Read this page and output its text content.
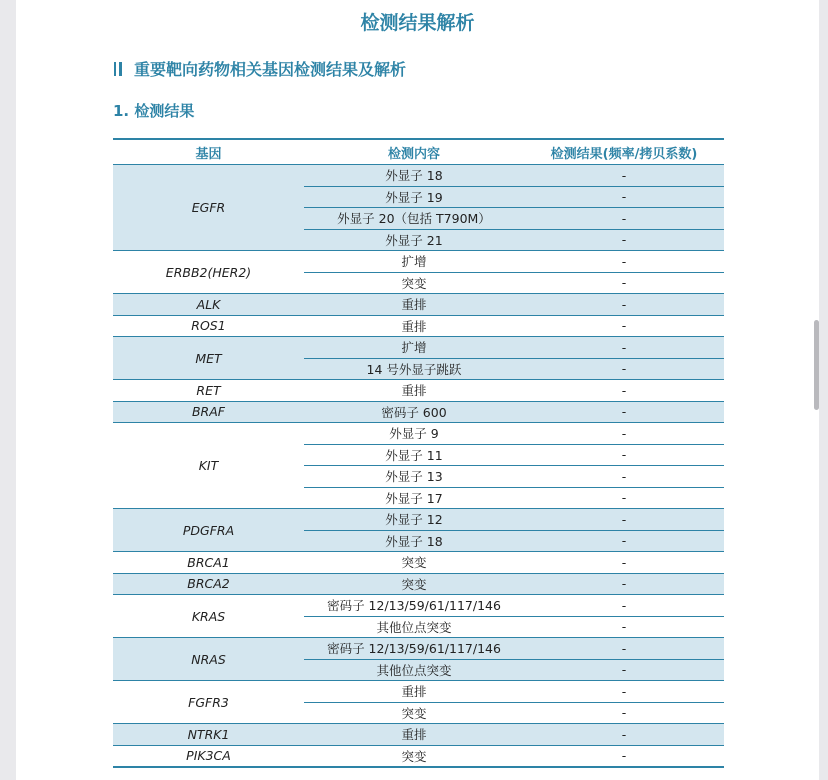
检测结果解析
重要靶向药物相关基因检测结果及解析
1. 检测结果
基因	检测内容	检测结果(频率/拷贝系数)
EGFR	外显子 18	-
	外显子 19	-
	外显子 20（包括 T790M）	-
	外显子 21	-
ERBB2(HER2)	扩增	-
	突变	-
ALK	重排	-
ROS1	重排	-
MET	扩增	-
	14 号外显子跳跃	-
RET	重排	-
BRAF	密码子 600	-
KIT	外显子 9	-
	外显子 11	-
	外显子 13	-
	外显子 17	-
PDGFRA	外显子 12	-
	外显子 18	-
BRCA1	突变	-
BRCA2	突变	-
KRAS	密码子 12/13/59/61/117/146	-
	其他位点突变	-
NRAS	密码子 12/13/59/61/117/146	-
	其他位点突变	-
FGFR3	重排	-
	突变	-
NTRK1	重排	-
PIK3CA	突变	-
